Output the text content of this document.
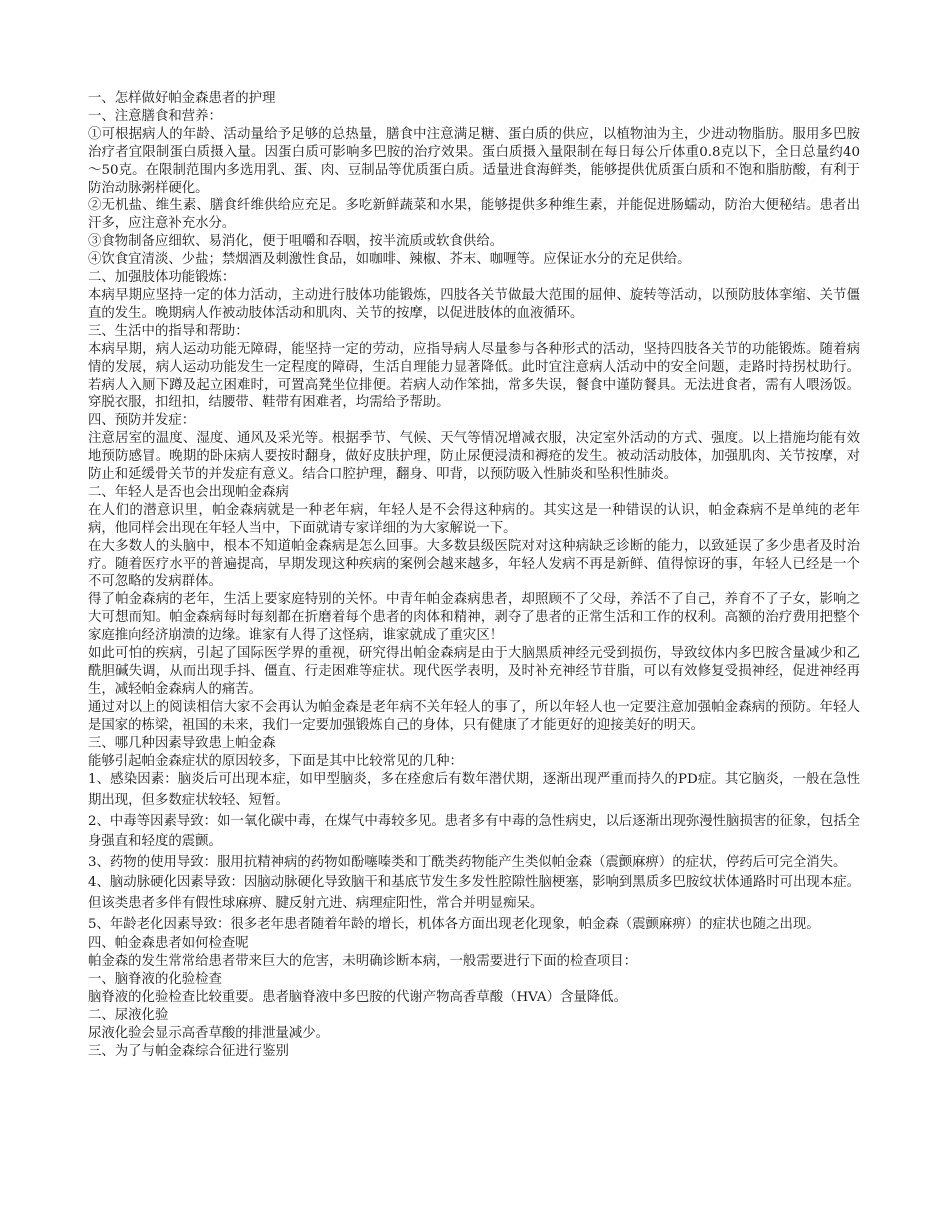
一、怎样做好帕金森患者的护理

一、注意膳食和营养：

①可根据病人的年龄、活动量给予足够的总热量，膳食中注意满足糖、蛋白质的供应，以植物油为主，少进动物脂肪。服用多巴胺治疗者宜限制蛋白质摄入量。因蛋白质可影响多巴胺的治疗效果。蛋白质摄入量限制在每日每公斤体重0.8克以下，全日总量约40～50克。在限制范围内多选用乳、蛋、肉、豆制品等优质蛋白质。适量进食海鲜类，能够提供优质蛋白质和不饱和脂肪酸，有利于防治动脉粥样硬化。

②无机盐、维生素、膳食纤维供给应充足。多吃新鲜蔬菜和水果，能够提供多种维生素，并能促进肠蠕动，防治大便秘结。患者出汗多，应注意补充水分。

③食物制备应细软、易消化，便于咀嚼和吞咽，按半流质或软食供给。

④饮食宜清淡、少盐；禁烟酒及刺激性食品，如咖啡、辣椒、芥末、咖喱等。应保证水分的充足供给。

二、加强肢体功能锻炼：

本病早期应坚持一定的体力活动，主动进行肢体功能锻炼，四肢各关节做最大范围的屈伸、旋转等活动，以预防肢体挛缩、关节僵直的发生。晚期病人作被动肢体活动和肌肉、关节的按摩，以促进肢体的血液循环。

三、生活中的指导和帮助：

本病早期，病人运动功能无障碍，能坚持一定的劳动，应指导病人尽量参与各种形式的活动，坚持四肢各关节的功能锻炼。随着病情的发展，病人运动功能发生一定程度的障碍，生活自理能力显著降低。此时宜注意病人活动中的安全问题，走路时持拐杖助行。若病人入厕下蹲及起立困难时，可置高凳坐位排便。若病人动作笨拙，常多失误，餐食中谨防餐具。无法进食者，需有人喂汤饭。穿脱衣服，扣纽扣，结腰带、鞋带有困难者，均需给予帮助。

四、预防并发症：

注意居室的温度、湿度、通风及采光等。根据季节、气候、天气等情况增减衣服，决定室外活动的方式、强度。以上措施均能有效地预防感冒。晚期的卧床病人要按时翻身，做好皮肤护理，防止尿便浸渍和褥疮的发生。被动活动肢体，加强肌肉、关节按摩，对防止和延缓骨关节的并发症有意义。结合口腔护理，翻身、叩背，以预防吸入性肺炎和坠积性肺炎。

二、年轻人是否也会出现帕金森病

在人们的潜意识里，帕金森病就是一种老年病，年轻人是不会得这种病的。其实这是一种错误的认识，帕金森病不是单纯的老年病，他同样会出现在年轻人当中，下面就请专家详细的为大家解说一下。

在大多数人的头脑中，根本不知道帕金森病是怎么回事。大多数县级医院对对这种病缺乏诊断的能力，以致延误了多少患者及时治疗。随着医疗水平的普遍提高，早期发现这种疾病的案例会越来越多，年轻人发病不再是新鲜、值得惊讶的事，年轻人已经是一个不可忽略的发病群体。

得了帕金森病的老年，生活上要家庭特别的关怀。中青年帕金森病患者，却照顾不了父母，养活不了自己，养育不了子女，影响之大可想而知。帕金森病每时每刻都在折磨着每个患者的肉体和精神，剥夺了患者的正常生活和工作的权利。高额的治疗费用把整个家庭推向经济崩溃的边缘。谁家有人得了这怪病，谁家就成了重灾区！

如此可怕的疾病，引起了国际医学界的重视，研究得出帕金森病是由于大脑黑质神经元受到损伤，导致纹体内多巴胺含量减少和乙酰胆碱失调，从而出现手抖、僵直、行走困难等症状。现代医学表明，及时补充神经节苷脂，可以有效修复受损神经，促进神经再生，减轻帕金森病人的痛苦。

通过对以上的阅读相信大家不会再认为帕金森是老年病不关年轻人的事了，所以年轻人也一定要注意加强帕金森病的预防。年轻人是国家的栋梁，祖国的未来，我们一定要加强锻炼自己的身体，只有健康了才能更好的迎接美好的明天。

三、哪几种因素导致患上帕金森

能够引起帕金森症状的原因较多，下面是其中比较常见的几种：

1、感染因素：脑炎后可出现本症，如甲型脑炎，多在痊愈后有数年潜伏期，逐渐出现严重而持久的PD症。其它脑炎，一般在急性期出现，但多数症状较轻、短暂。

2、中毒等因素导致：如一氧化碳中毒，在煤气中毒较多见。患者多有中毒的急性病史，以后逐渐出现弥漫性脑损害的征象，包括全身强直和轻度的震颤。

3、药物的使用导致：服用抗精神病的药物如酚噻嗪类和丁酰类药物能产生类似帕金森（震颤麻痹）的症状，停药后可完全消失。

4、脑动脉硬化因素导致：因脑动脉硬化导致脑干和基底节发生多发性腔隙性脑梗塞，影响到黑质多巴胺纹状体通路时可出现本症。但该类患者多伴有假性球麻痹、腱反射亢进、病理症阳性，常合并明显痴呆。

5、年龄老化因素导致：很多老年患者随着年龄的增长，机体各方面出现老化现象，帕金森（震颤麻痹）的症状也随之出现。

四、帕金森患者如何检查呢

帕金森的发生常常给患者带来巨大的危害，未明确诊断本病，一般需要进行下面的检查项目：

一、脑脊液的化验检查

脑脊液的化验检查比较重要。患者脑脊液中多巴胺的代谢产物高香草酸（HVA）含量降低。

二、尿液化验

尿液化验会显示高香草酸的排泄量减少。

三、为了与帕金森综合征进行鉴别
